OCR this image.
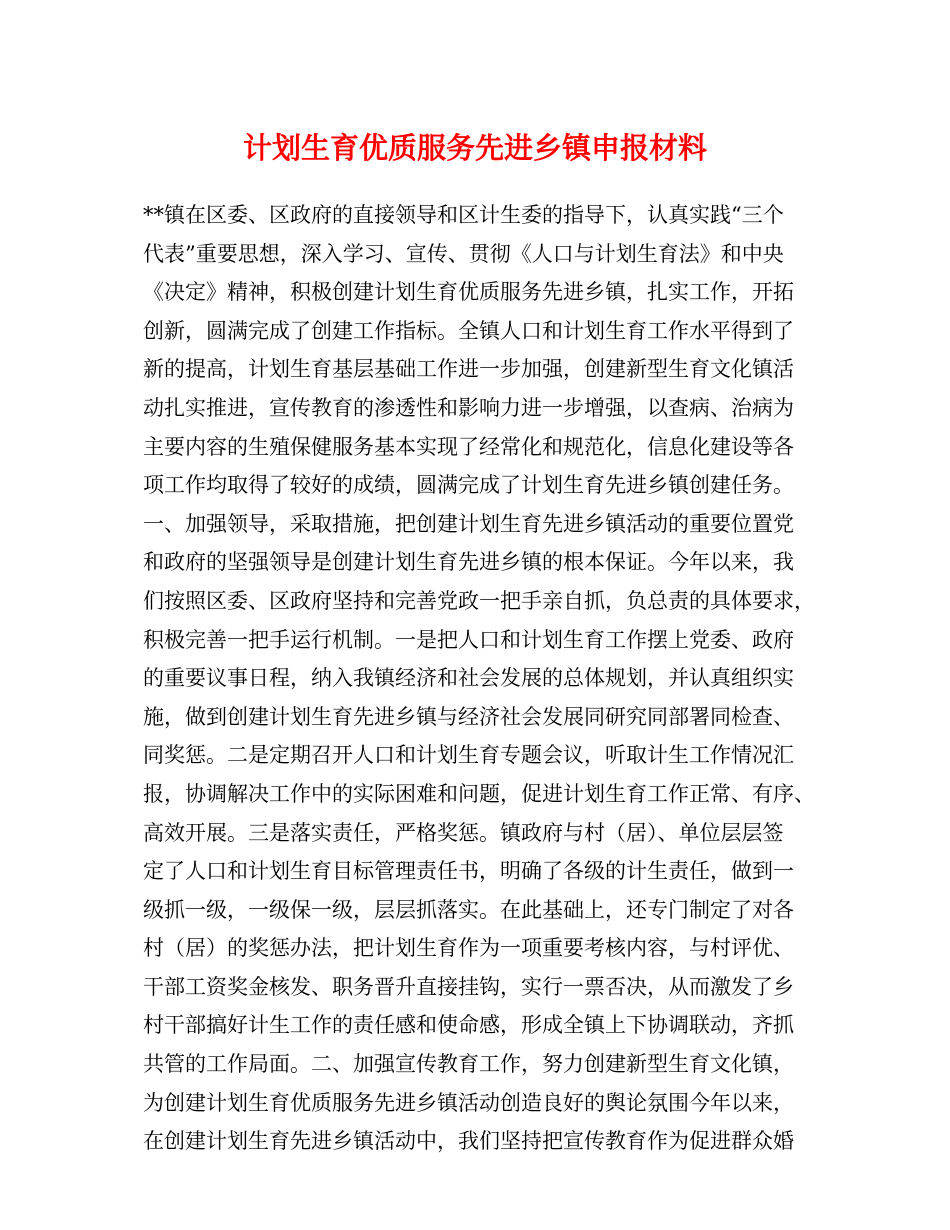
计划生育优质服务先进乡镇申报材料
**镇在区委、区政府的直接领导和区计生委的指导下，认真实践“三个
代表”重要思想，深入学习、宣传、贯彻《人口与计划生育法》和中央
《决定》精神，积极创建计划生育优质服务先进乡镇，扎实工作，开拓
创新，圆满完成了创建工作指标。全镇人口和计划生育工作水平得到了
新的提高，计划生育基层基础工作进一步加强，创建新型生育文化镇活
动扎实推进，宣传教育的渗透性和影响力进一步增强，以查病、治病为
主要内容的生殖保健服务基本实现了经常化和规范化，信息化建设等各
项工作均取得了较好的成绩，圆满完成了计划生育先进乡镇创建任务。
一、加强领导，采取措施，把创建计划生育先进乡镇活动的重要位置党
和政府的坚强领导是创建计划生育先进乡镇的根本保证。今年以来，我
们按照区委、区政府坚持和完善党政一把手亲自抓，负总责的具体要求，
积极完善一把手运行机制。一是把人口和计划生育工作摆上党委、政府
的重要议事日程，纳入我镇经济和社会发展的总体规划，并认真组织实
施，做到创建计划生育先进乡镇与经济社会发展同研究同部署同检查、
同奖惩。二是定期召开人口和计划生育专题会议，听取计生工作情况汇
报，协调解决工作中的实际困难和问题，促进计划生育工作正常、有序、
高效开展。三是落实责任，严格奖惩。镇政府与村（居）、单位层层签
定了人口和计划生育目标管理责任书，明确了各级的计生责任，做到一
级抓一级，一级保一级，层层抓落实。在此基础上，还专门制定了对各
村（居）的奖惩办法，把计划生育作为一项重要考核内容，与村评优、
干部工资奖金核发、职务晋升直接挂钩，实行一票否决，从而激发了乡
村干部搞好计生工作的责任感和使命感，形成全镇上下协调联动，齐抓
共管的工作局面。二、加强宣传教育工作，努力创建新型生育文化镇，
为创建计划生育优质服务先进乡镇活动创造良好的舆论氛围今年以来，
在创建计划生育先进乡镇活动中，我们坚持把宣传教育作为促进群众婚
